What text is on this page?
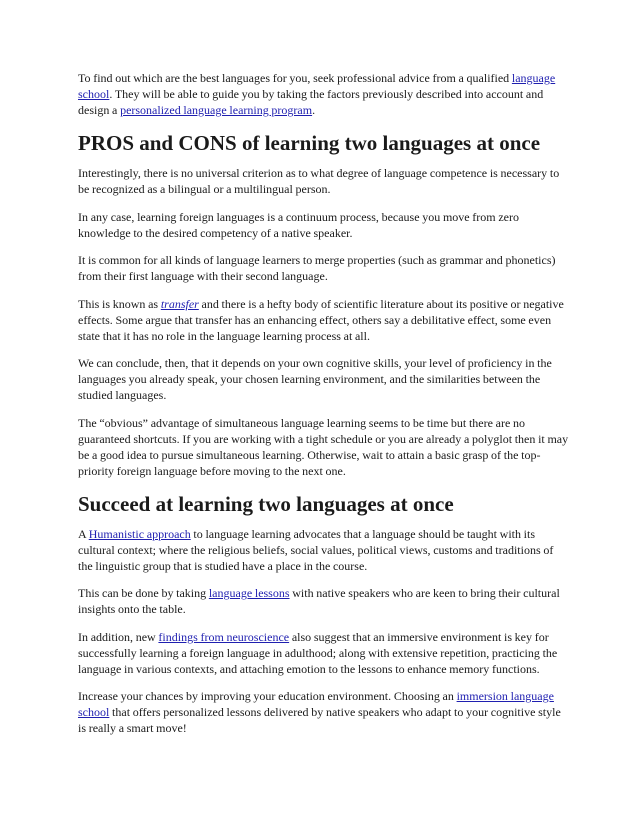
To find out which are the best languages for you, seek professional advice from a qualified language school. They will be able to guide you by taking the factors previously described into account and design a personalized language learning program.

PROS and CONS of learning two languages at once

Interestingly, there is no universal criterion as to what degree of language competence is necessary to be recognized as a bilingual or a multilingual person.

In any case, learning foreign languages is a continuum process, because you move from zero knowledge to the desired competency of a native speaker.

It is common for all kinds of language learners to merge properties (such as grammar and phonetics) from their first language with their second language.

This is known as transfer and there is a hefty body of scientific literature about its positive or negative effects. Some argue that transfer has an enhancing effect, others say a debilitative effect, some even state that it has no role in the language learning process at all.

We can conclude, then, that it depends on your own cognitive skills, your level of proficiency in the languages you already speak, your chosen learning environment, and the similarities between the studied languages.

The “obvious” advantage of simultaneous language learning seems to be time but there are no guaranteed shortcuts. If you are working with a tight schedule or you are already a polyglot then it may be a good idea to pursue simultaneous learning. Otherwise, wait to attain a basic grasp of the top-priority foreign language before moving to the next one.

Succeed at learning two languages at once

A Humanistic approach to language learning advocates that a language should be taught with its cultural context; where the religious beliefs, social values, political views, customs and traditions of the linguistic group that is studied have a place in the course.

This can be done by taking language lessons with native speakers who are keen to bring their cultural insights onto the table.

In addition, new findings from neuroscience also suggest that an immersive environment is key for successfully learning a foreign language in adulthood; along with extensive repetition, practicing the language in various contexts, and attaching emotion to the lessons to enhance memory functions.

Increase your chances by improving your education environment. Choosing an immersion language school that offers personalized lessons delivered by native speakers who adapt to your cognitive style is really a smart move!
